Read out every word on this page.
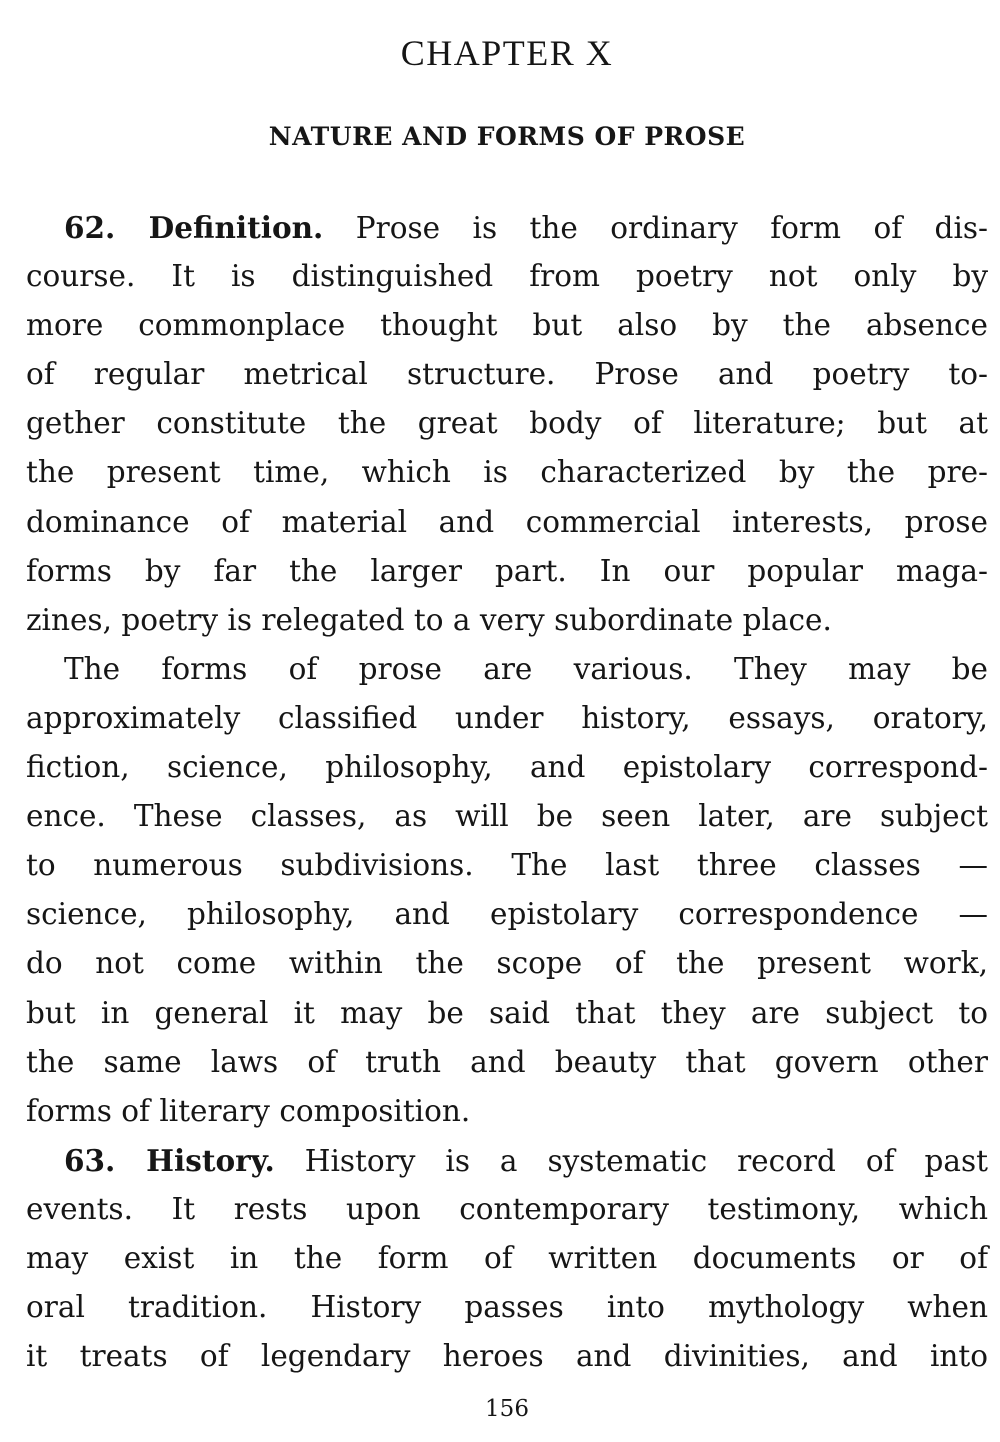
CHAPTER X
NATURE AND FORMS OF PROSE
62. Definition. Prose is the ordinary form of dis-
course. It is distinguished from poetry not only by
more commonplace thought but also by the absence
of regular metrical structure. Prose and poetry to-
gether constitute the great body of literature; but at
the present time, which is characterized by the pre-
dominance of material and commercial interests, prose
forms by far the larger part. In our popular maga-
zines, poetry is relegated to a very subordinate place.
The forms of prose are various. They may be
approximately classified under history, essays, oratory,
fiction, science, philosophy, and epistolary correspond-
ence. These classes, as will be seen later, are subject
to numerous subdivisions. The last three classes —
science, philosophy, and epistolary correspondence —
do not come within the scope of the present work,
but in general it may be said that they are subject to
the same laws of truth and beauty that govern other
forms of literary composition.
63. History. History is a systematic record of past
events. It rests upon contemporary testimony, which
may exist in the form of written documents or of
oral tradition. History passes into mythology when
it treats of legendary heroes and divinities, and into
156
